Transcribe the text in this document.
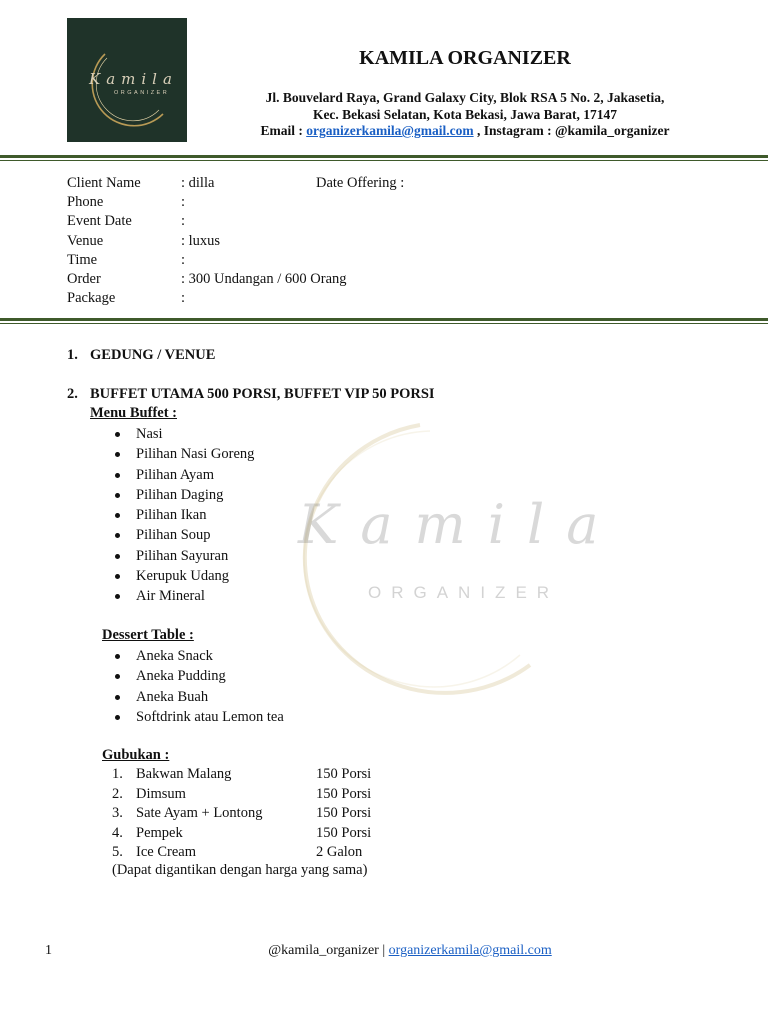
Kamila
ORGANIZER
KAMILA ORGANIZER
Jl. Bouvelard Raya, Grand Galaxy City, Blok RSA 5 No. 2, Jakasetia,
Kec. Bekasi Selatan, Kota Bekasi, Jawa Barat, 17147
Email : organizerkamila@gmail.com , Instagram : @kamila_organizer
Client Name	: dilla	Date Offering :
Phone	:
Event Date	:
Venue	: luxus
Time	:
Order	: 300 Undangan / 600 Orang
Package	:
Kamila
ORGANIZER
1. GEDUNG / VENUE
2. BUFFET UTAMA 500 PORSI, BUFFET VIP 50 PORSI
Menu Buffet :
Nasi
Pilihan Nasi Goreng
Pilihan Ayam
Pilihan Daging
Pilihan Ikan
Pilihan Soup
Pilihan Sayuran
Kerupuk Udang
Air Mineral
Dessert Table :
Aneka Snack
Aneka Pudding
Aneka Buah
Softdrink atau Lemon tea
Gubukan :
1. Bakwan Malang	150 Porsi
2. Dimsum	150 Porsi
3. Sate Ayam + Lontong	150 Porsi
4. Pempek	150 Porsi
5. Ice Cream	2 Galon
(Dapat digantikan dengan harga yang sama)
1	@kamila_organizer | organizerkamila@gmail.com
